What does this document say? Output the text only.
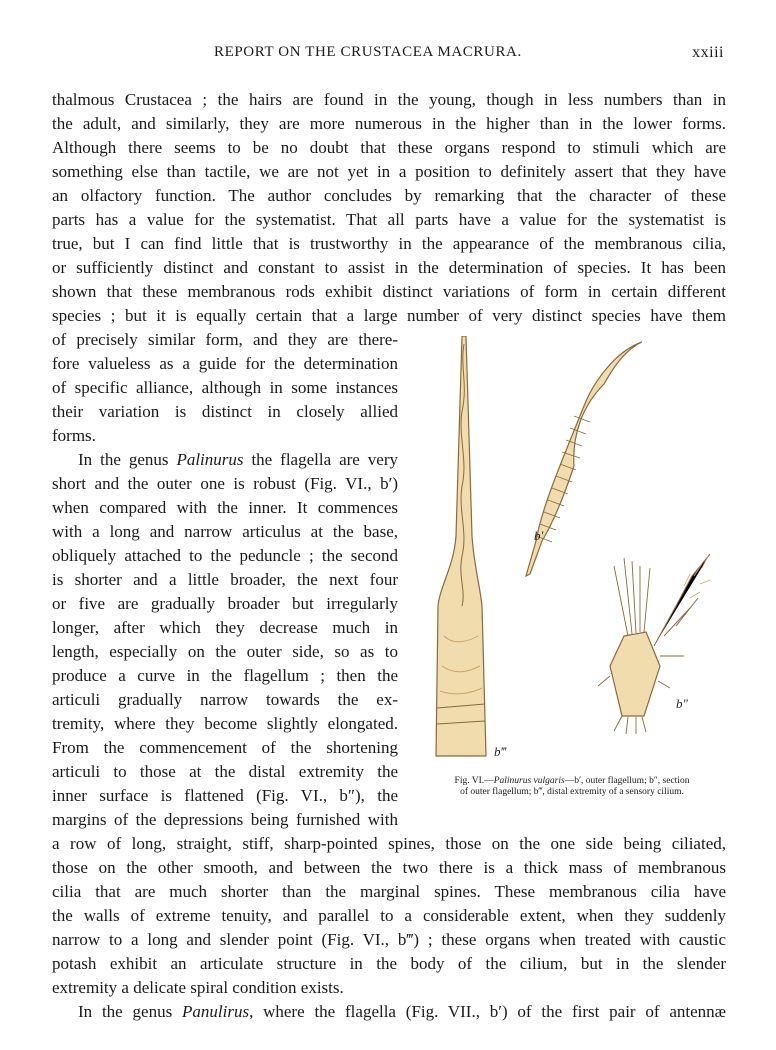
REPORT ON THE CRUSTACEA MACRURA.	xxiii
thalmous Crustacea ; the hairs are found in the young, though in less numbers than in
the adult, and similarly, they are more numerous in the higher than in the lower forms.
Although there seems to be no doubt that these organs respond to stimuli which are
something else than tactile, we are not yet in a position to definitely assert that they have
an olfactory function. The author concludes by remarking that the character of these
parts has a value for the systematist. That all parts have a value for the systematist is
true, but I can find little that is trustworthy in the appearance of the membranous cilia,
or sufficiently distinct and constant to assist in the determination of species. It has been
shown that these membranous rods exhibit distinct variations of form in certain different
species ; but it is equally certain that a large number of very distinct species have them
of precisely similar form, and they are there-
fore valueless as a guide for the determination
of specific alliance, although in some instances
their variation is distinct in closely allied
forms.
In the genus Palinurus the flagella are very
short and the outer one is robust (Fig. VI., b′)
when compared with the inner. It commences
with a long and narrow articulus at the base,
obliquely attached to the peduncle ; the second
is shorter and a little broader, the next four
or five are gradually broader but irregularly
longer, after which they decrease much in
length, especially on the outer side, so as to
produce a curve in the flagellum ; then the
articuli gradually narrow towards the ex-
tremity, where they become slightly elongated.
From the commencement of the shortening
articuli to those at the distal extremity the
inner surface is flattened (Fig. VI., b″), the
margins of the depressions being furnished with
a row of long, straight, stiff, sharp-pointed spines, those on the one side being ciliated,
those on the other smooth, and between the two there is a thick mass of membranous
cilia that are much shorter than the marginal spines. These membranous cilia have
the walls of extreme tenuity, and parallel to a considerable extent, when they suddenly
narrow to a long and slender point (Fig. VI., b‴) ; these organs when treated with caustic
potash exhibit an articulate structure in the body of the cilium, but in the slender
extremity a delicate spiral condition exists.
In the genus Panulirus, where the flagella (Fig. VII., b′) of the first pair of antennæ
b‴
b′
b″
Fig. VI.—Palinurus vulgaris—b′, outer flagellum; b″, section
of outer flagellum; b‴, distal extremity of a sensory cilium.
